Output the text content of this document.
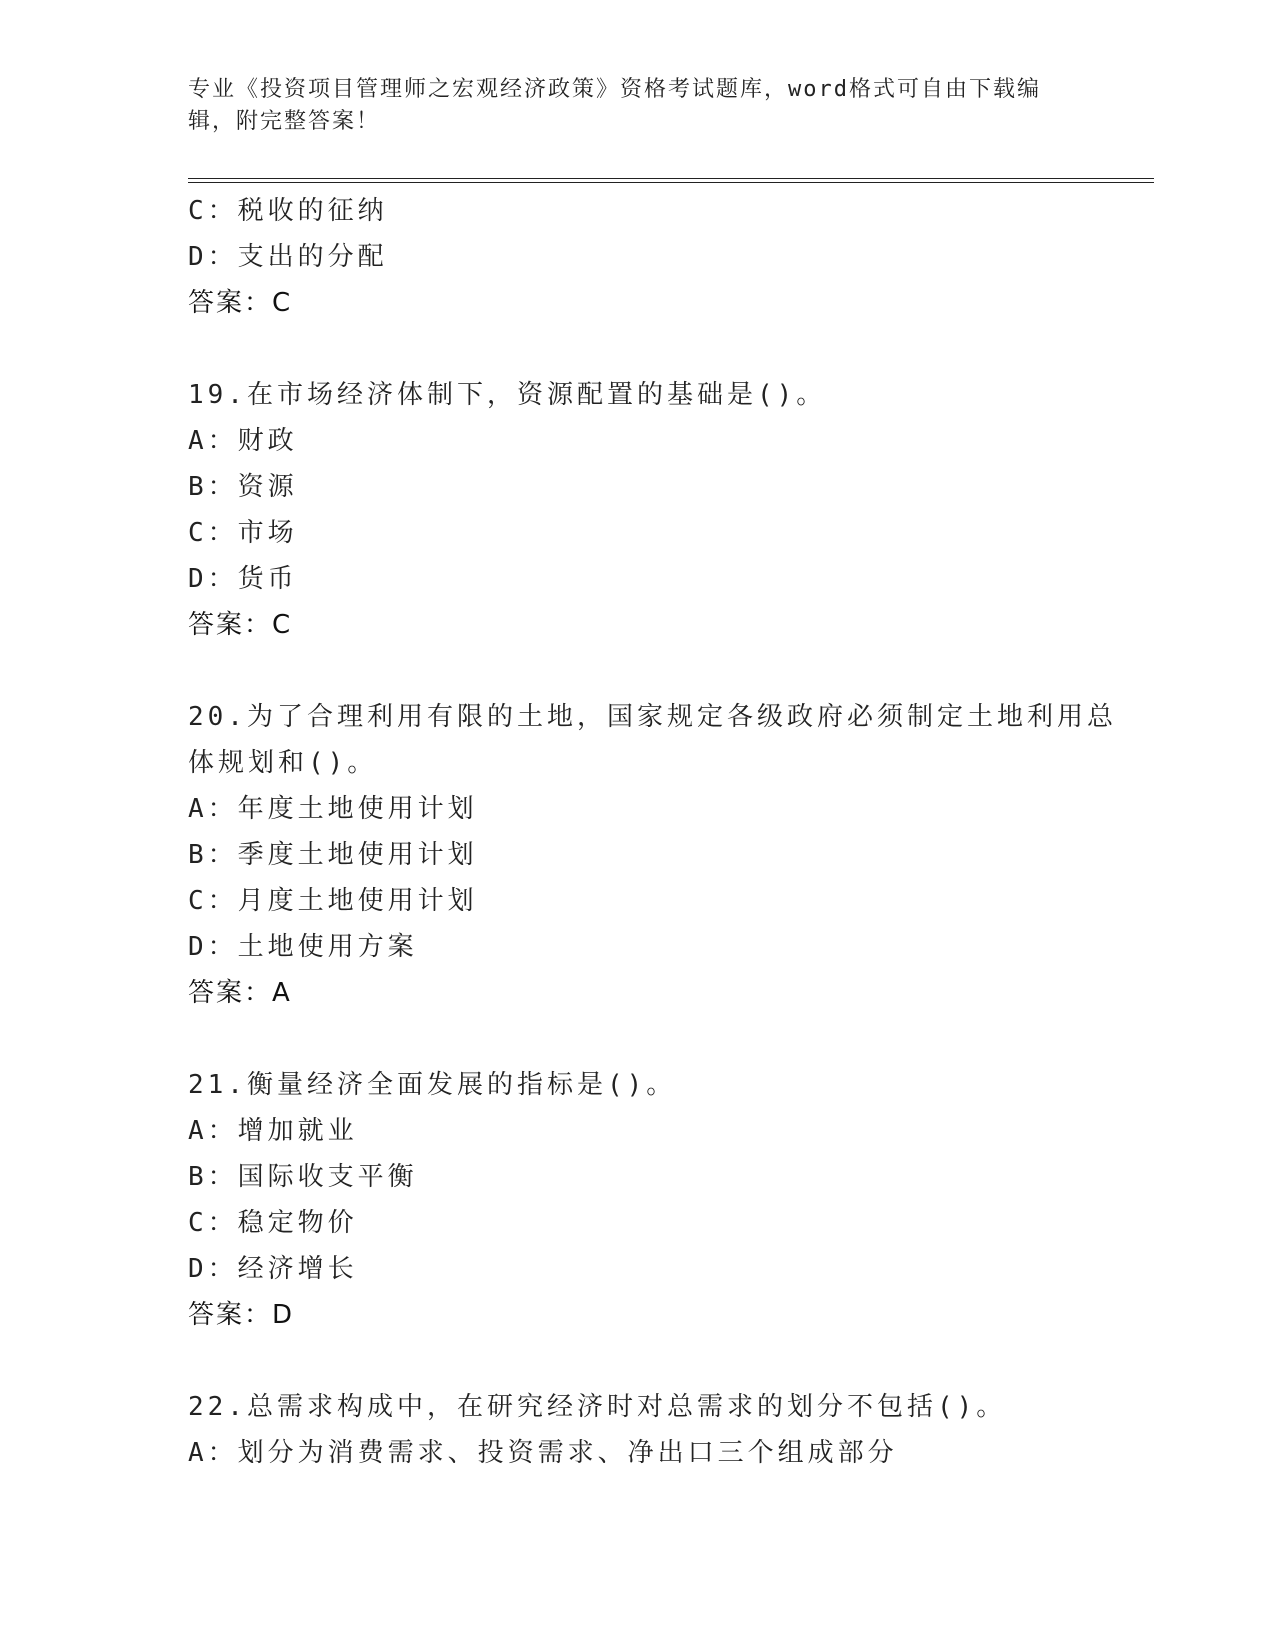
专业《投资项目管理师之宏观经济政策》资格考试题库，word格式可自由下载编
辑，附完整答案！
C：税收的征纳
D：支出的分配
答案：C
19.在市场经济体制下，资源配置的基础是()。
A：财政
B：资源
C：市场
D：货币
答案：C
20.为了合理利用有限的土地，国家规定各级政府必须制定土地利用总
体规划和()。
A：年度土地使用计划
B：季度土地使用计划
C：月度土地使用计划
D：土地使用方案
答案：A
21.衡量经济全面发展的指标是()。
A：增加就业
B：国际收支平衡
C：稳定物价
D：经济增长
答案：D
22.总需求构成中，在研究经济时对总需求的划分不包括()。
A：划分为消费需求、投资需求、净出口三个组成部分
